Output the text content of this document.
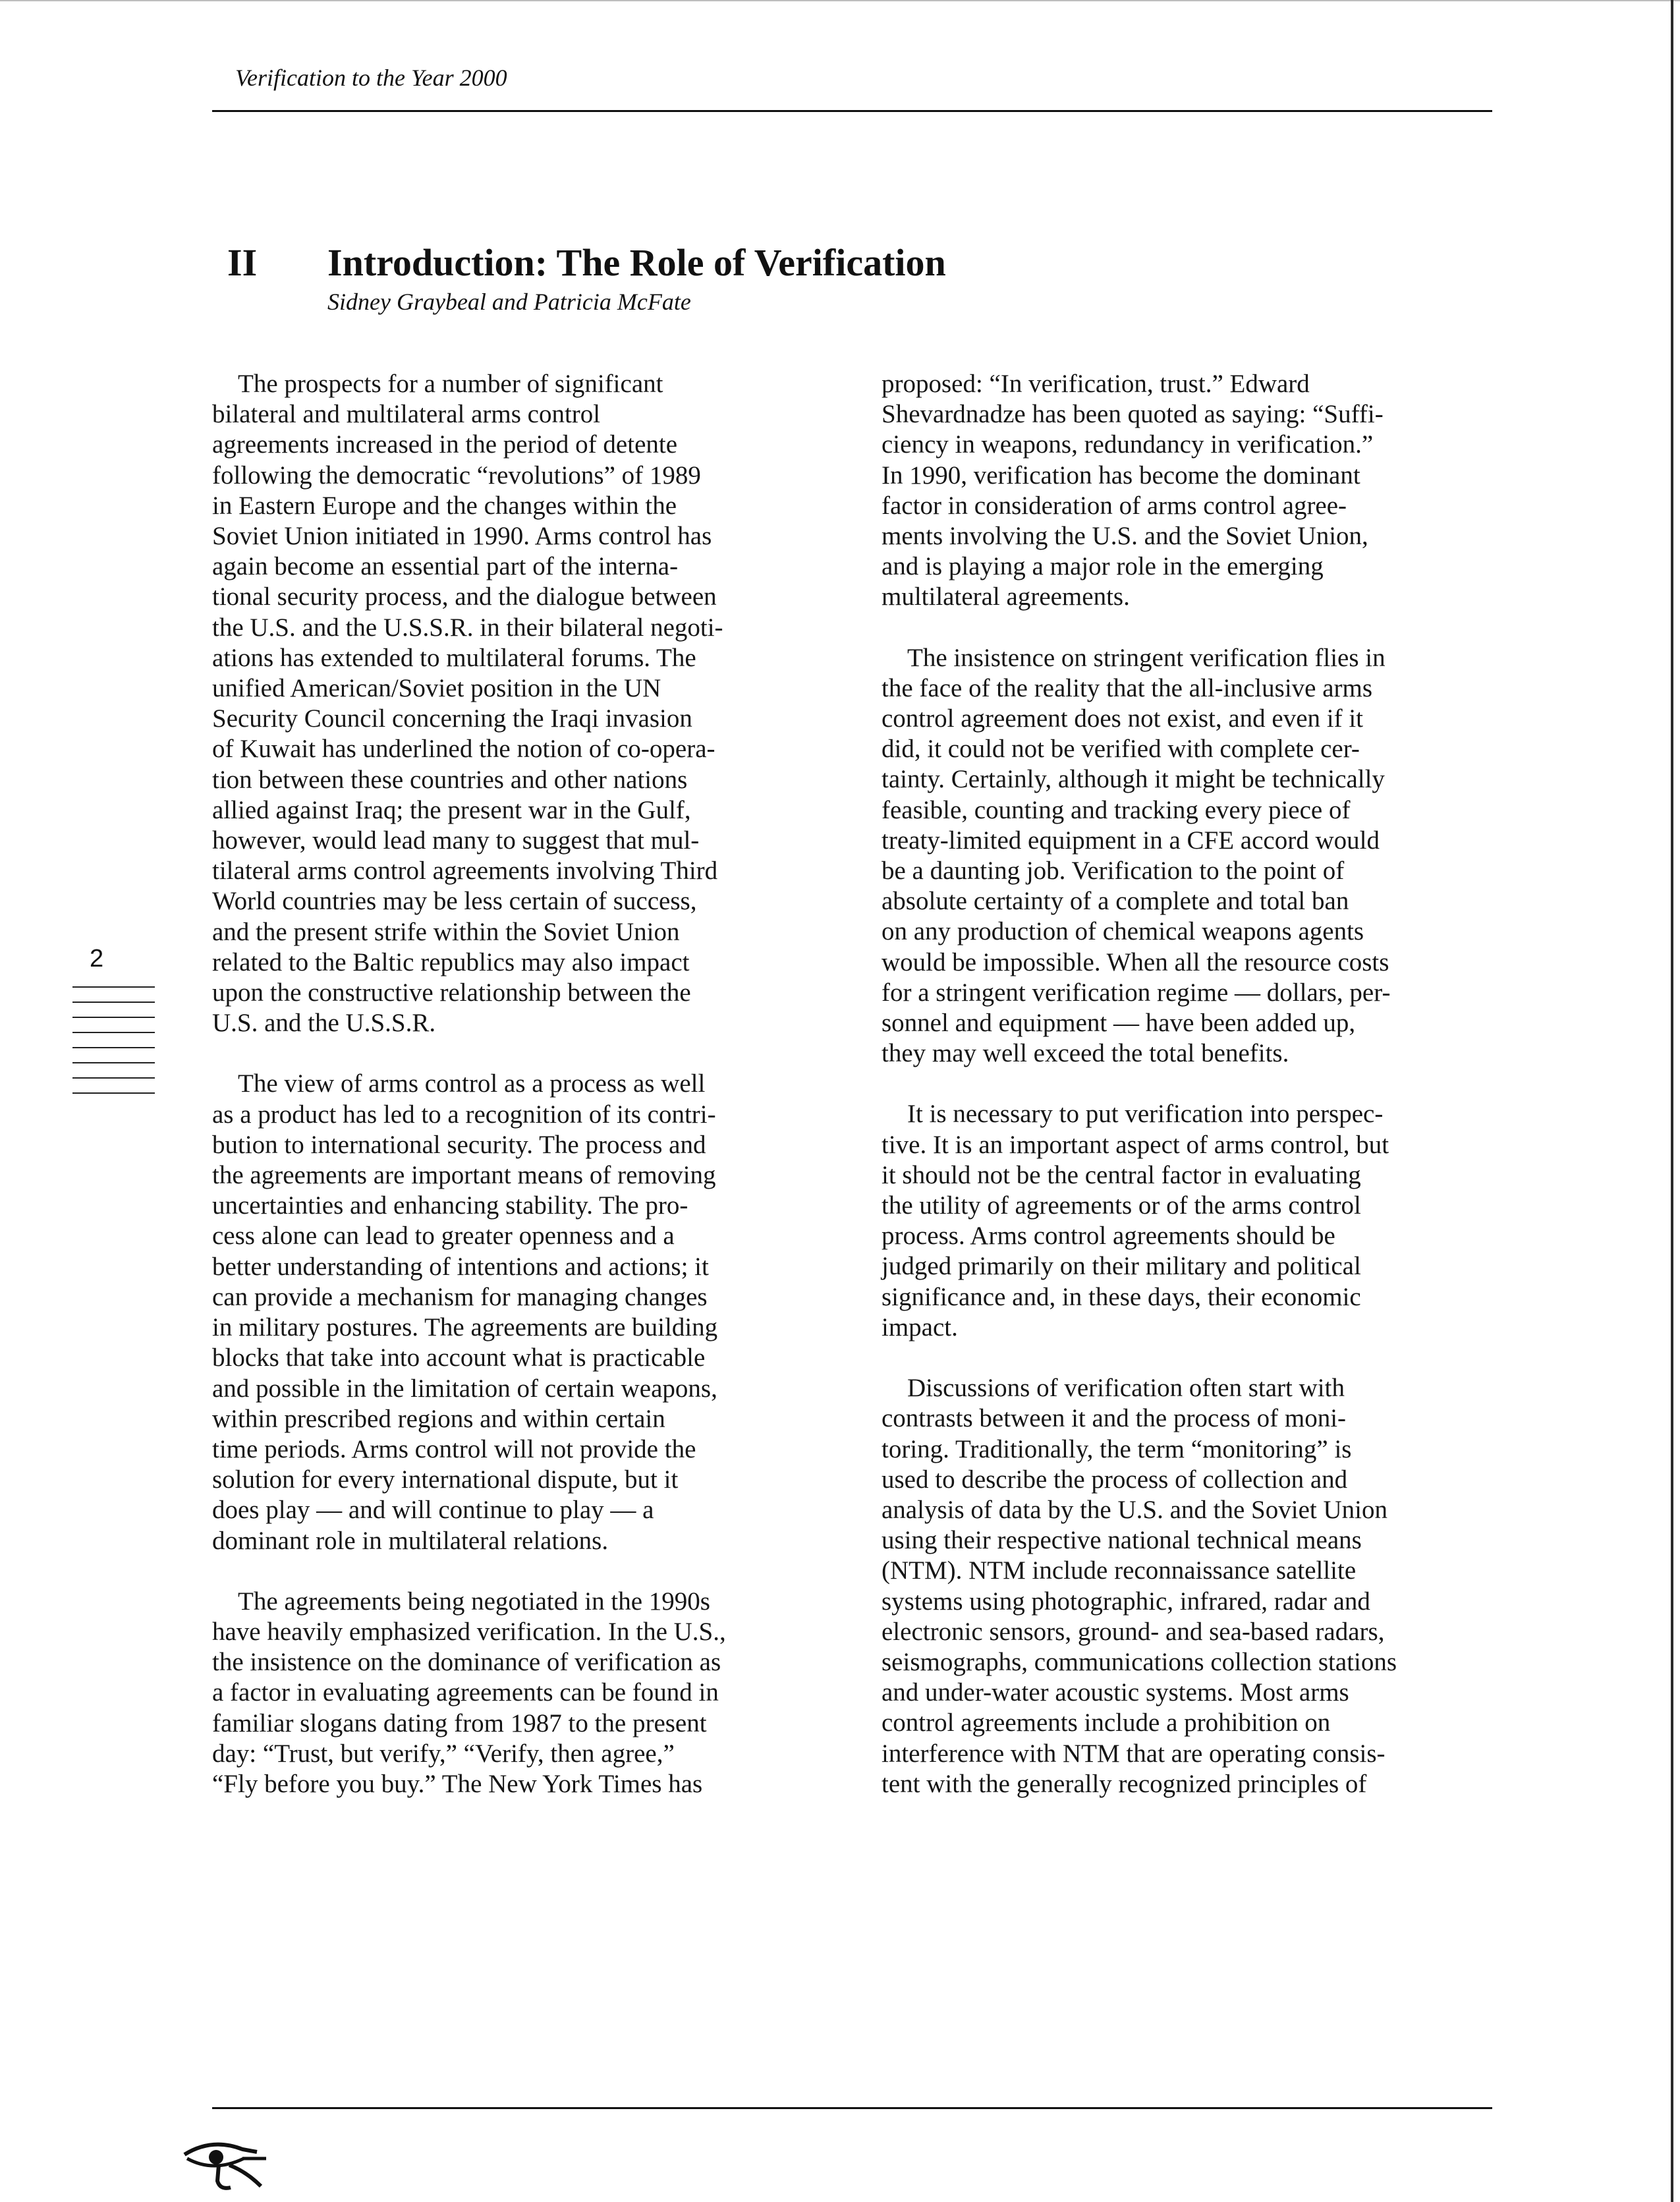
Verification to the Year 2000
II Introduction: The Role of Verification
Sidney Graybeal and Patricia McFate
 The prospects for a number of significant
bilateral and multilateral arms control
agreements increased in the period of detente
following the democratic “revolutions” of 1989
in Eastern Europe and the changes within the
Soviet Union initiated in 1990. Arms control has
again become an essential part of the interna-
tional security process, and the dialogue between
the U.S. and the U.S.S.R. in their bilateral negoti-
ations has extended to multilateral forums. The
unified American/Soviet position in the UN
Security Council concerning the Iraqi invasion
of Kuwait has underlined the notion of co-opera-
tion between these countries and other nations
allied against Iraq; the present war in the Gulf,
however, would lead many to suggest that mul-
tilateral arms control agreements involving Third
World countries may be less certain of success,
and the present strife within the Soviet Union
related to the Baltic republics may also impact
upon the constructive relationship between the
U.S. and the U.S.S.R.
 The view of arms control as a process as well
as a product has led to a recognition of its contri-
bution to international security. The process and
the agreements are important means of removing
uncertainties and enhancing stability. The pro-
cess alone can lead to greater openness and a
better understanding of intentions and actions; it
can provide a mechanism for managing changes
in military postures. The agreements are building
blocks that take into account what is practicable
and possible in the limitation of certain weapons,
within prescribed regions and within certain
time periods. Arms control will not provide the
solution for every international dispute, but it
does play — and will continue to play — a
dominant role in multilateral relations.
 The agreements being negotiated in the 1990s
have heavily emphasized verification. In the U.S.,
the insistence on the dominance of verification as
a factor in evaluating agreements can be found in
familiar slogans dating from 1987 to the present
day: “Trust, but verify,” “Verify, then agree,”
“Fly before you buy.” The New York Times has
proposed: “In verification, trust.” Edward
Shevardnadze has been quoted as saying: “Suffi-
ciency in weapons, redundancy in verification.”
In 1990, verification has become the dominant
factor in consideration of arms control agree-
ments involving the U.S. and the Soviet Union,
and is playing a major role in the emerging
multilateral agreements.
 The insistence on stringent verification flies in
the face of the reality that the all-inclusive arms
control agreement does not exist, and even if it
did, it could not be verified with complete cer-
tainty. Certainly, although it might be technically
feasible, counting and tracking every piece of
treaty-limited equipment in a CFE accord would
be a daunting job. Verification to the point of
absolute certainty of a complete and total ban
on any production of chemical weapons agents
would be impossible. When all the resource costs
for a stringent verification regime — dollars, per-
sonnel and equipment — have been added up,
they may well exceed the total benefits.
 It is necessary to put verification into perspec-
tive. It is an important aspect of arms control, but
it should not be the central factor in evaluating
the utility of agreements or of the arms control
process. Arms control agreements should be
judged primarily on their military and political
significance and, in these days, their economic
impact.
 Discussions of verification often start with
contrasts between it and the process of moni-
toring. Traditionally, the term “monitoring” is
used to describe the process of collection and
analysis of data by the U.S. and the Soviet Union
using their respective national technical means
(NTM). NTM include reconnaissance satellite
systems using photographic, infrared, radar and
electronic sensors, ground- and sea-based radars,
seismographs, communications collection stations
and under-water acoustic systems. Most arms
control agreements include a prohibition on
interference with NTM that are operating consis-
tent with the generally recognized principles of
2
